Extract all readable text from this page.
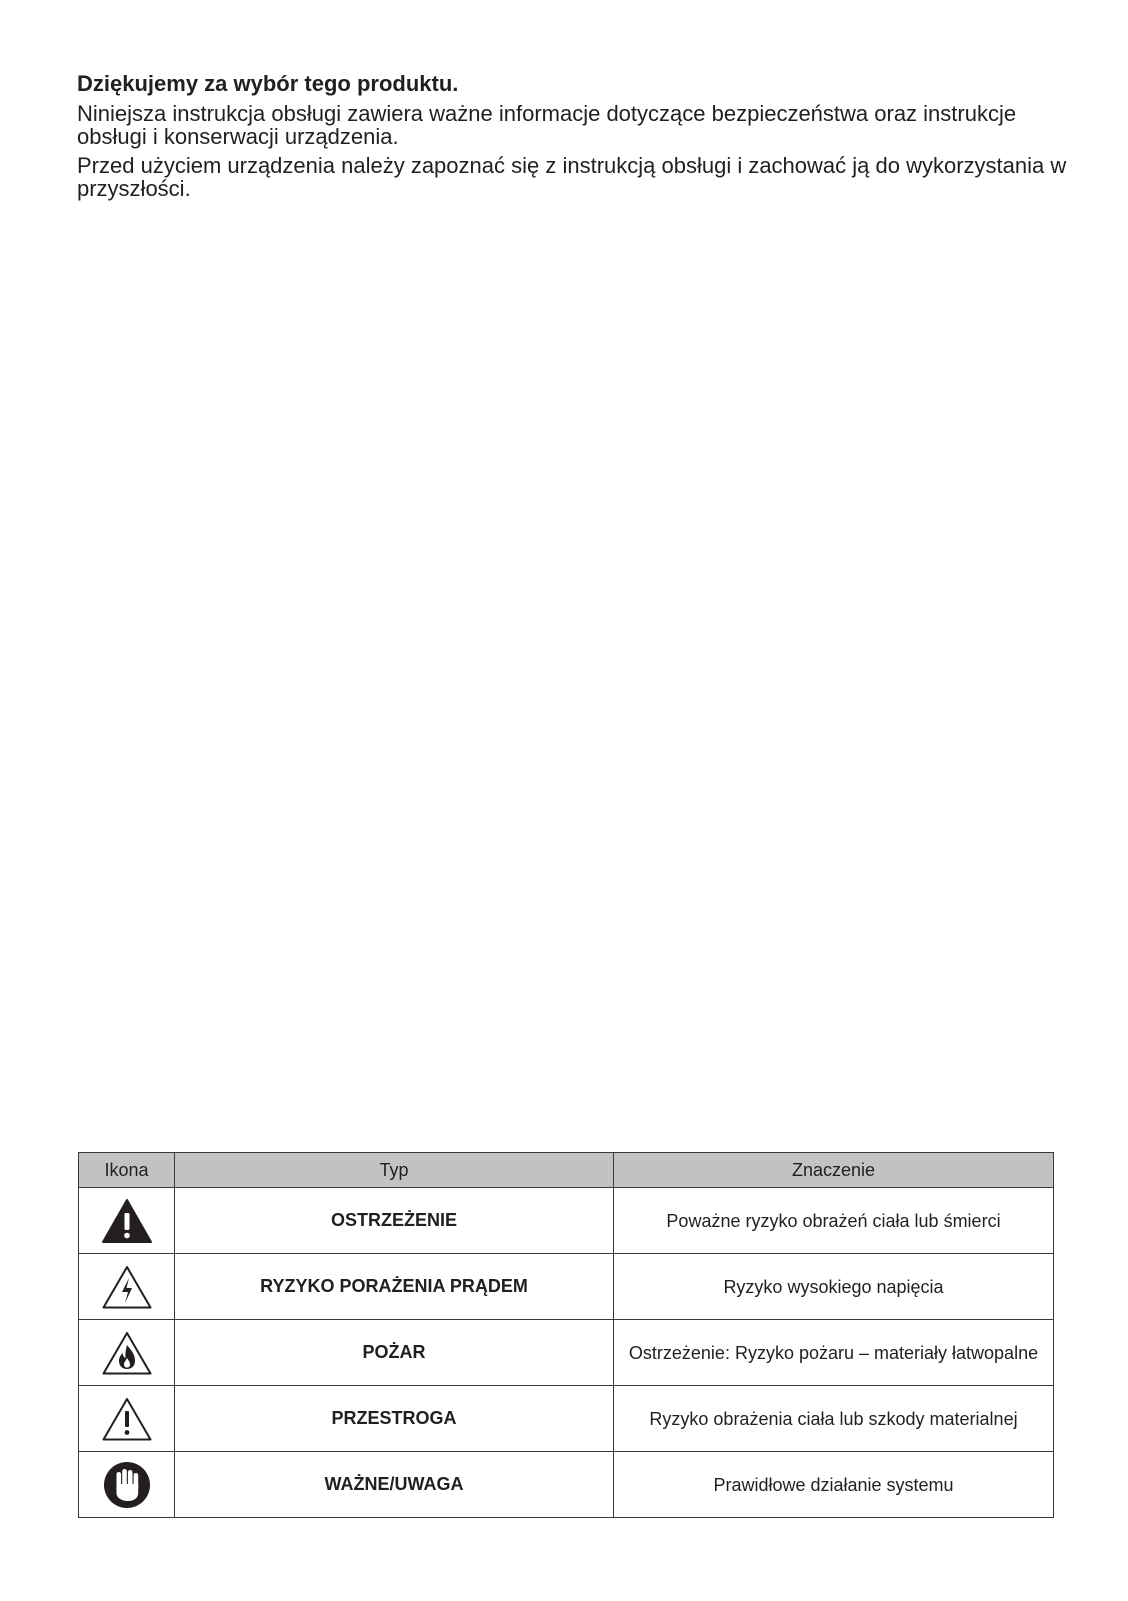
Dziękujemy za wybór tego produktu.

Niniejsza instrukcja obsługi zawiera ważne informacje dotyczące bezpieczeństwa oraz instrukcje obsługi i konserwacji urządzenia.

Przed użyciem urządzenia należy zapoznać się z instrukcją obsługi i zachować ją do wykorzystania w przyszłości.

Ikona	Typ	Znaczenie

	OSTRZEŻENIE	Poważne ryzyko obrażeń ciała lub śmierci

	RYZYKO PORAŻENIA PRĄDEM	Ryzyko wysokiego napięcia

	POŻAR	Ostrzeżenie: Ryzyko pożaru – materiały łatwopalne

	PRZESTROGA	Ryzyko obrażenia ciała lub szkody materialnej

	WAŻNE/UWAGA	Prawidłowe działanie systemu
